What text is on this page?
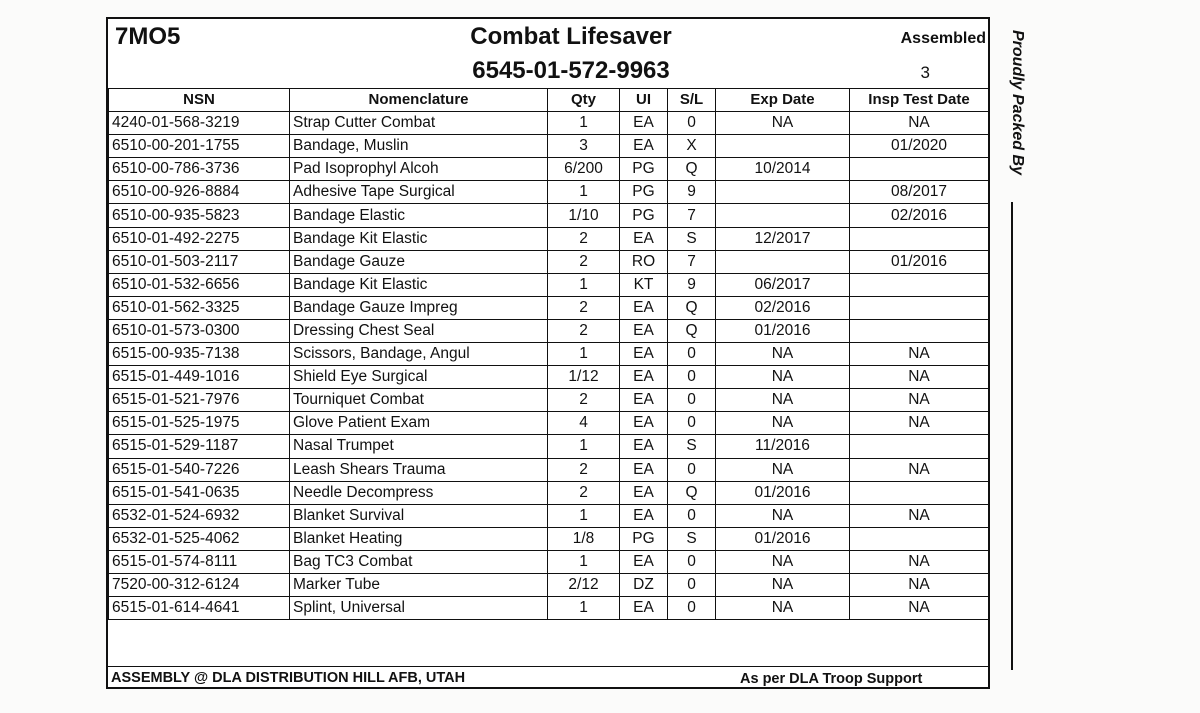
7MO5	Combat Lifesaver
6545-01-572-9963
Assembled
3
NSN	Nomenclature	Qty	UI	S/L	Exp Date	Insp Test Date
4240-01-568-3219	Strap Cutter Combat	1	EA	0	NA	NA
6510-00-201-1755	Bandage, Muslin	3	EA	X		01/2020
6510-00-786-3736	Pad Isoprophyl Alcoh	6/200	PG	Q	10/2014	
6510-00-926-8884	Adhesive Tape Surgical	1	PG	9		08/2017
6510-00-935-5823	Bandage Elastic	1/10	PG	7		02/2016
6510-01-492-2275	Bandage Kit Elastic	2	EA	S	12/2017	
6510-01-503-2117	Bandage Gauze	2	RO	7		01/2016
6510-01-532-6656	Bandage Kit Elastic	1	KT	9	06/2017	
6510-01-562-3325	Bandage Gauze Impreg	2	EA	Q	02/2016	
6510-01-573-0300	Dressing Chest Seal	2	EA	Q	01/2016	
6515-00-935-7138	Scissors, Bandage, Angul	1	EA	0	NA	NA
6515-01-449-1016	Shield Eye Surgical	1/12	EA	0	NA	NA
6515-01-521-7976	Tourniquet Combat	2	EA	0	NA	NA
6515-01-525-1975	Glove Patient Exam	4	EA	0	NA	NA
6515-01-529-1187	Nasal Trumpet	1	EA	S	11/2016	
6515-01-540-7226	Leash Shears Trauma	2	EA	0	NA	NA
6515-01-541-0635	Needle Decompress	2	EA	Q	01/2016	
6532-01-524-6932	Blanket Survival	1	EA	0	NA	NA
6532-01-525-4062	Blanket Heating	1/8	PG	S	01/2016	
6515-01-574-8111	Bag TC3 Combat	1	EA	0	NA	NA
7520-00-312-6124	Marker Tube	2/12	DZ	0	NA	NA
6515-01-614-4641	Splint, Universal	1	EA	0	NA	NA
ASSEMBLY @ DLA DISTRIBUTION HILL AFB, UTAH	As per DLA Troop Support
Proudly Packed By
